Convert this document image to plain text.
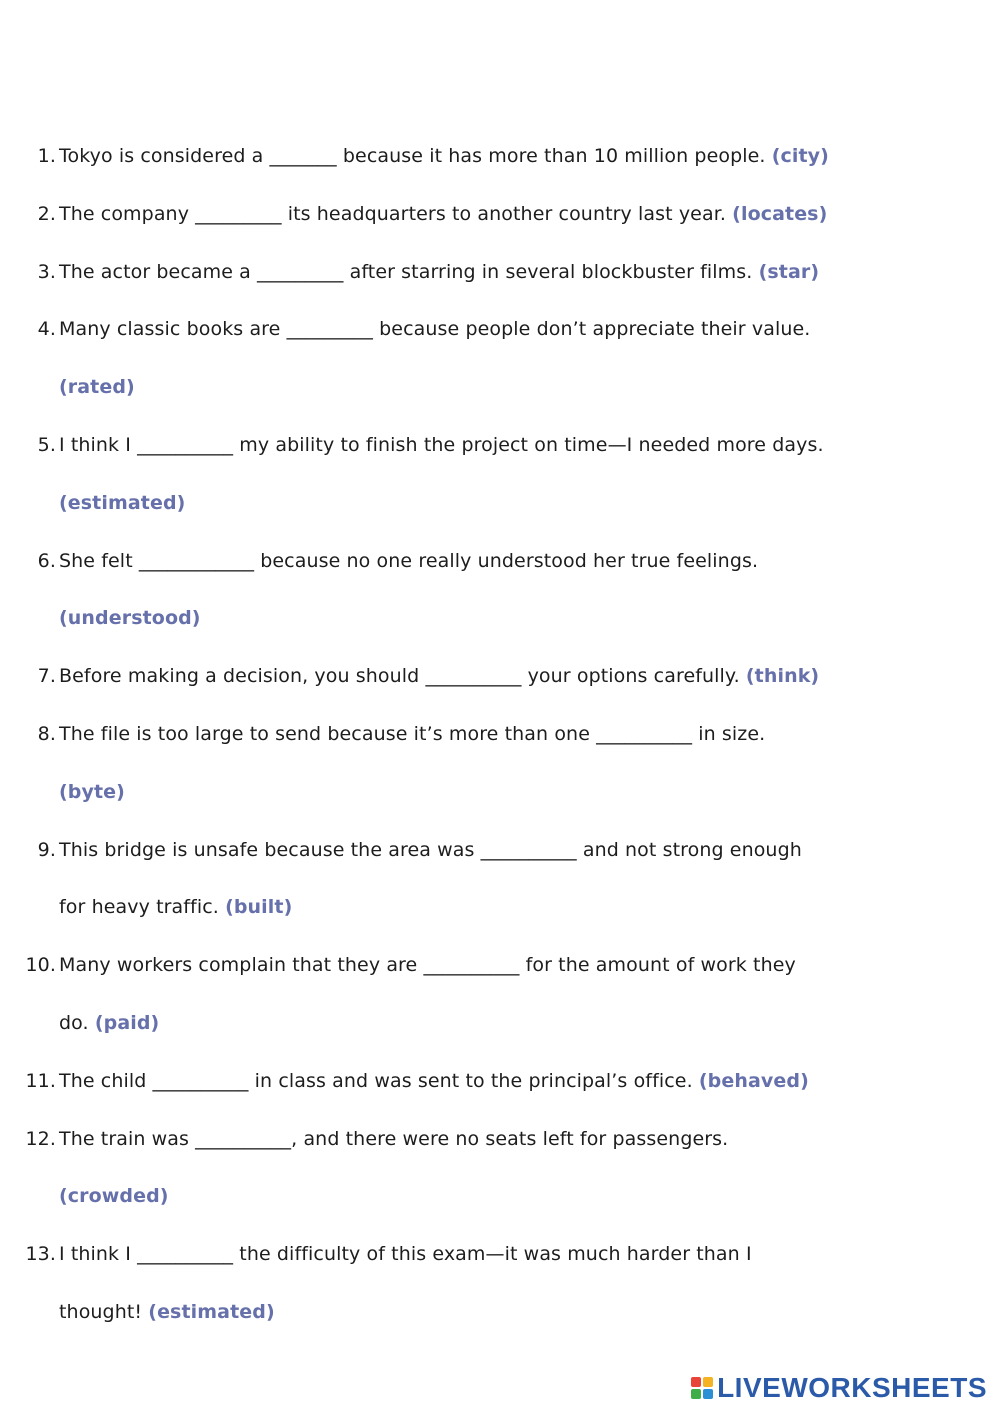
1. Tokyo is considered a _______ because it has more than 10 million people. (city)
2. The company _________ its headquarters to another country last year. (locates)
3. The actor became a _________ after starring in several blockbuster films. (star)
4. Many classic books are _________ because people don’t appreciate their value.
(rated)
5. I think I __________ my ability to finish the project on time—I needed more days.
(estimated)
6. She felt ____________ because no one really understood her true feelings.
(understood)
7. Before making a decision, you should __________ your options carefully. (think)
8. The file is too large to send because it’s more than one __________ in size.
(byte)
9. This bridge is unsafe because the area was __________ and not strong enough
for heavy traffic. (built)
10. Many workers complain that they are __________ for the amount of work they
do. (paid)
11. The child __________ in class and was sent to the principal’s office. (behaved)
12. The train was __________, and there were no seats left for passengers.
(crowded)
13. I think I __________ the difficulty of this exam—it was much harder than I
thought! (estimated)
LIVEWORKSHEETS
